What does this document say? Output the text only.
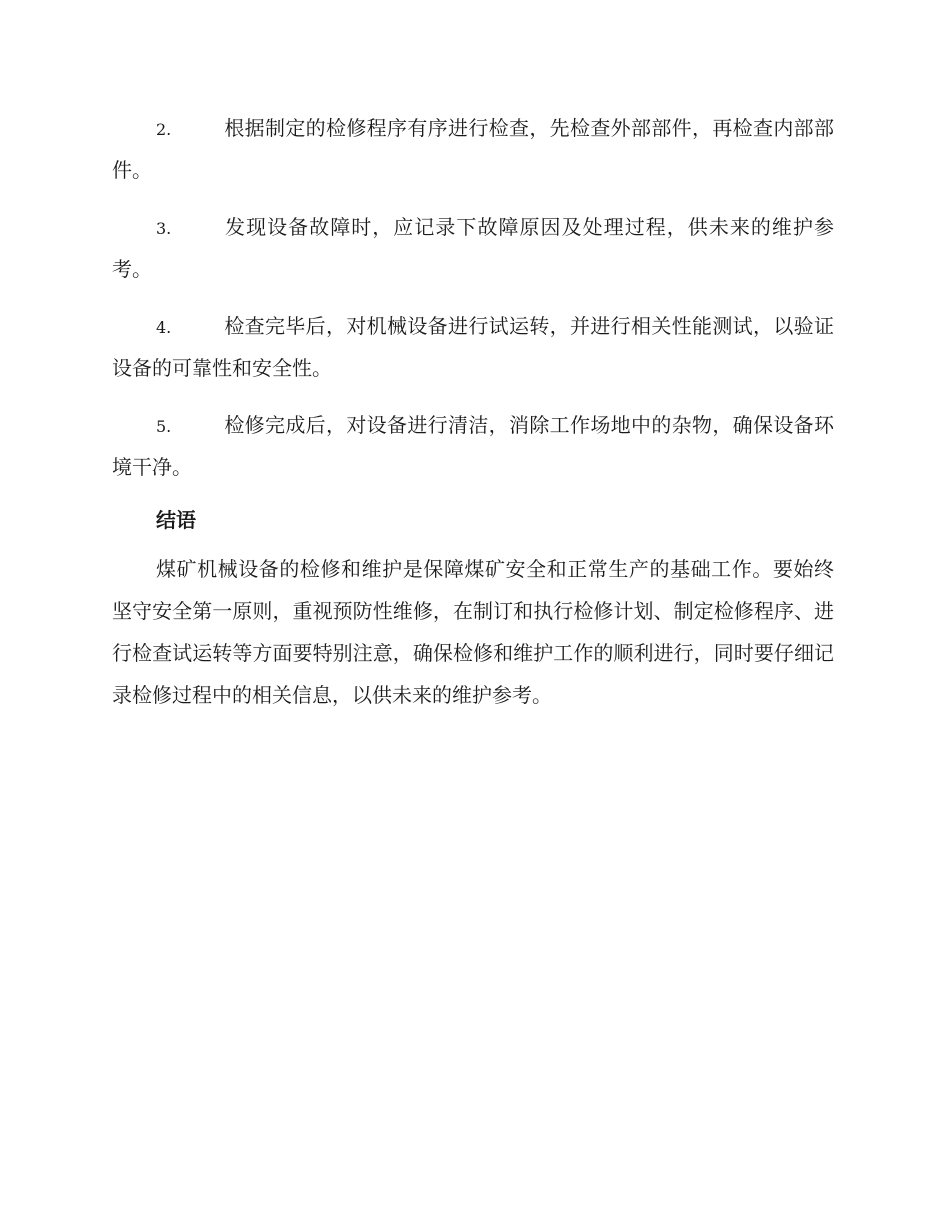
2.	根据制定的检修程序有序进行检查，先检查外部部件，再检查内部部件。
3.	发现设备故障时，应记录下故障原因及处理过程，供未来的维护参考。
4.	检查完毕后，对机械设备进行试运转，并进行相关性能测试，以验证设备的可靠性和安全性。
5.	检修完成后，对设备进行清洁，消除工作场地中的杂物，确保设备环境干净。
结语

煤矿机械设备的检修和维护是保障煤矿安全和正常生产的基础工作。要始终坚守安全第一原则，重视预防性维修，在制订和执行检修计划、制定检修程序、进行检查试运转等方面要特别注意，确保检修和维护工作的顺利进行，同时要仔细记录检修过程中的相关信息，以供未来的维护参考。
